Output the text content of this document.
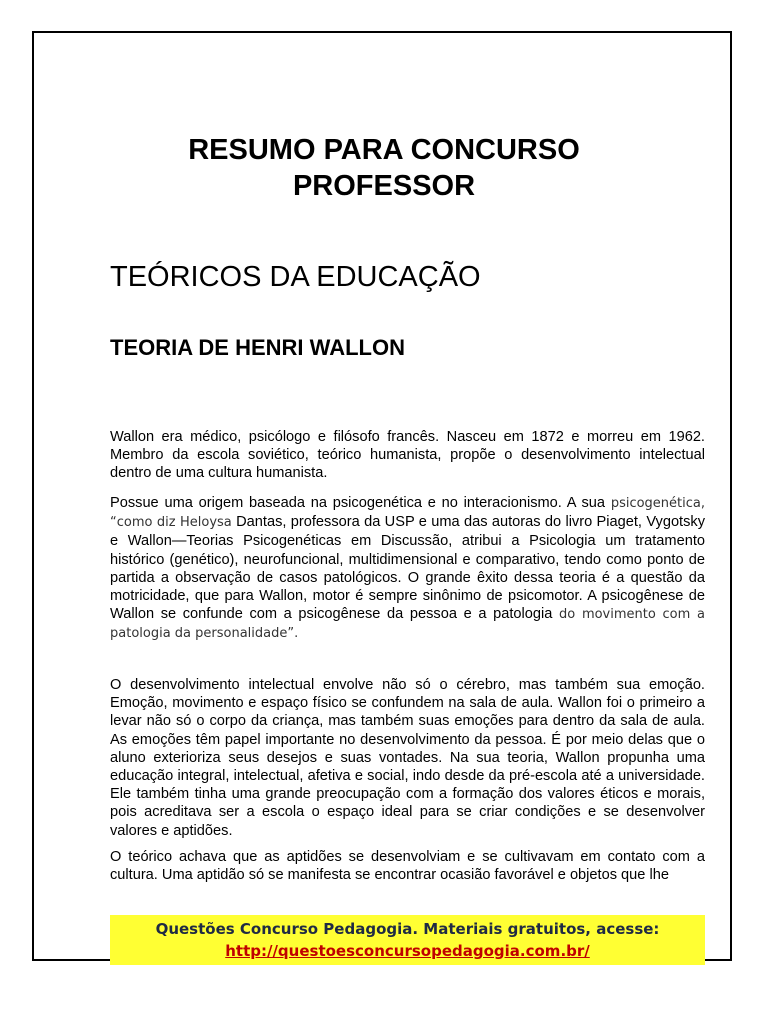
RESUMO PARA CONCURSO
PROFESSOR
TEÓRICOS DA EDUCAÇÃO
TEORIA DE HENRI WALLON

Wallon era médico, psicólogo e filósofo francês. Nasceu em 1872 e morreu em 1962. Membro da escola soviético, teórico humanista, propõe o desenvolvimento intelectual dentro de uma cultura humanista.

Possue uma origem baseada na psicogenética e no interacionismo. A sua psicogenética, “como diz Heloysa Dantas, professora da USP e uma das autoras do livro Piaget, Vygotsky e Wallon—Teorias Psicogenéticas em Discussão, atribui a Psicologia um tratamento histórico (genético), neurofuncional, multidimensional e comparativo, tendo como ponto de partida a observação de casos patológicos. O grande êxito dessa teoria é a questão da motricidade, que para Wallon, motor é sempre sinônimo de psicomotor. A psicogênese de Wallon se confunde com a psicogênese da pessoa e a patologia do movimento com a patologia da personalidade”.

O desenvolvimento intelectual envolve não só o cérebro, mas também sua emoção. Emoção, movimento e espaço físico se confundem na sala de aula. Wallon foi o primeiro a levar não só o corpo da criança, mas também suas emoções para dentro da sala de aula. As emoções têm papel importante no desenvolvimento da pessoa. É por meio delas que o aluno exterioriza seus desejos e suas vontades. Na sua teoria, Wallon propunha uma educação integral, intelectual, afetiva e social, indo desde da pré-escola até a universidade. Ele também tinha uma grande preocupação com a formação dos valores éticos e morais, pois acreditava ser a escola o espaço ideal para se criar condições e se desenvolver valores e aptidões.

O teórico achava que as aptidões se desenvolviam e se cultivavam em contato com a cultura. Uma aptidão só se manifesta se encontrar ocasião favorável e objetos que lhe

Questões Concurso Pedagogia. Materiais gratuitos, acesse:
http://questoesconcursopedagogia.com.br/
